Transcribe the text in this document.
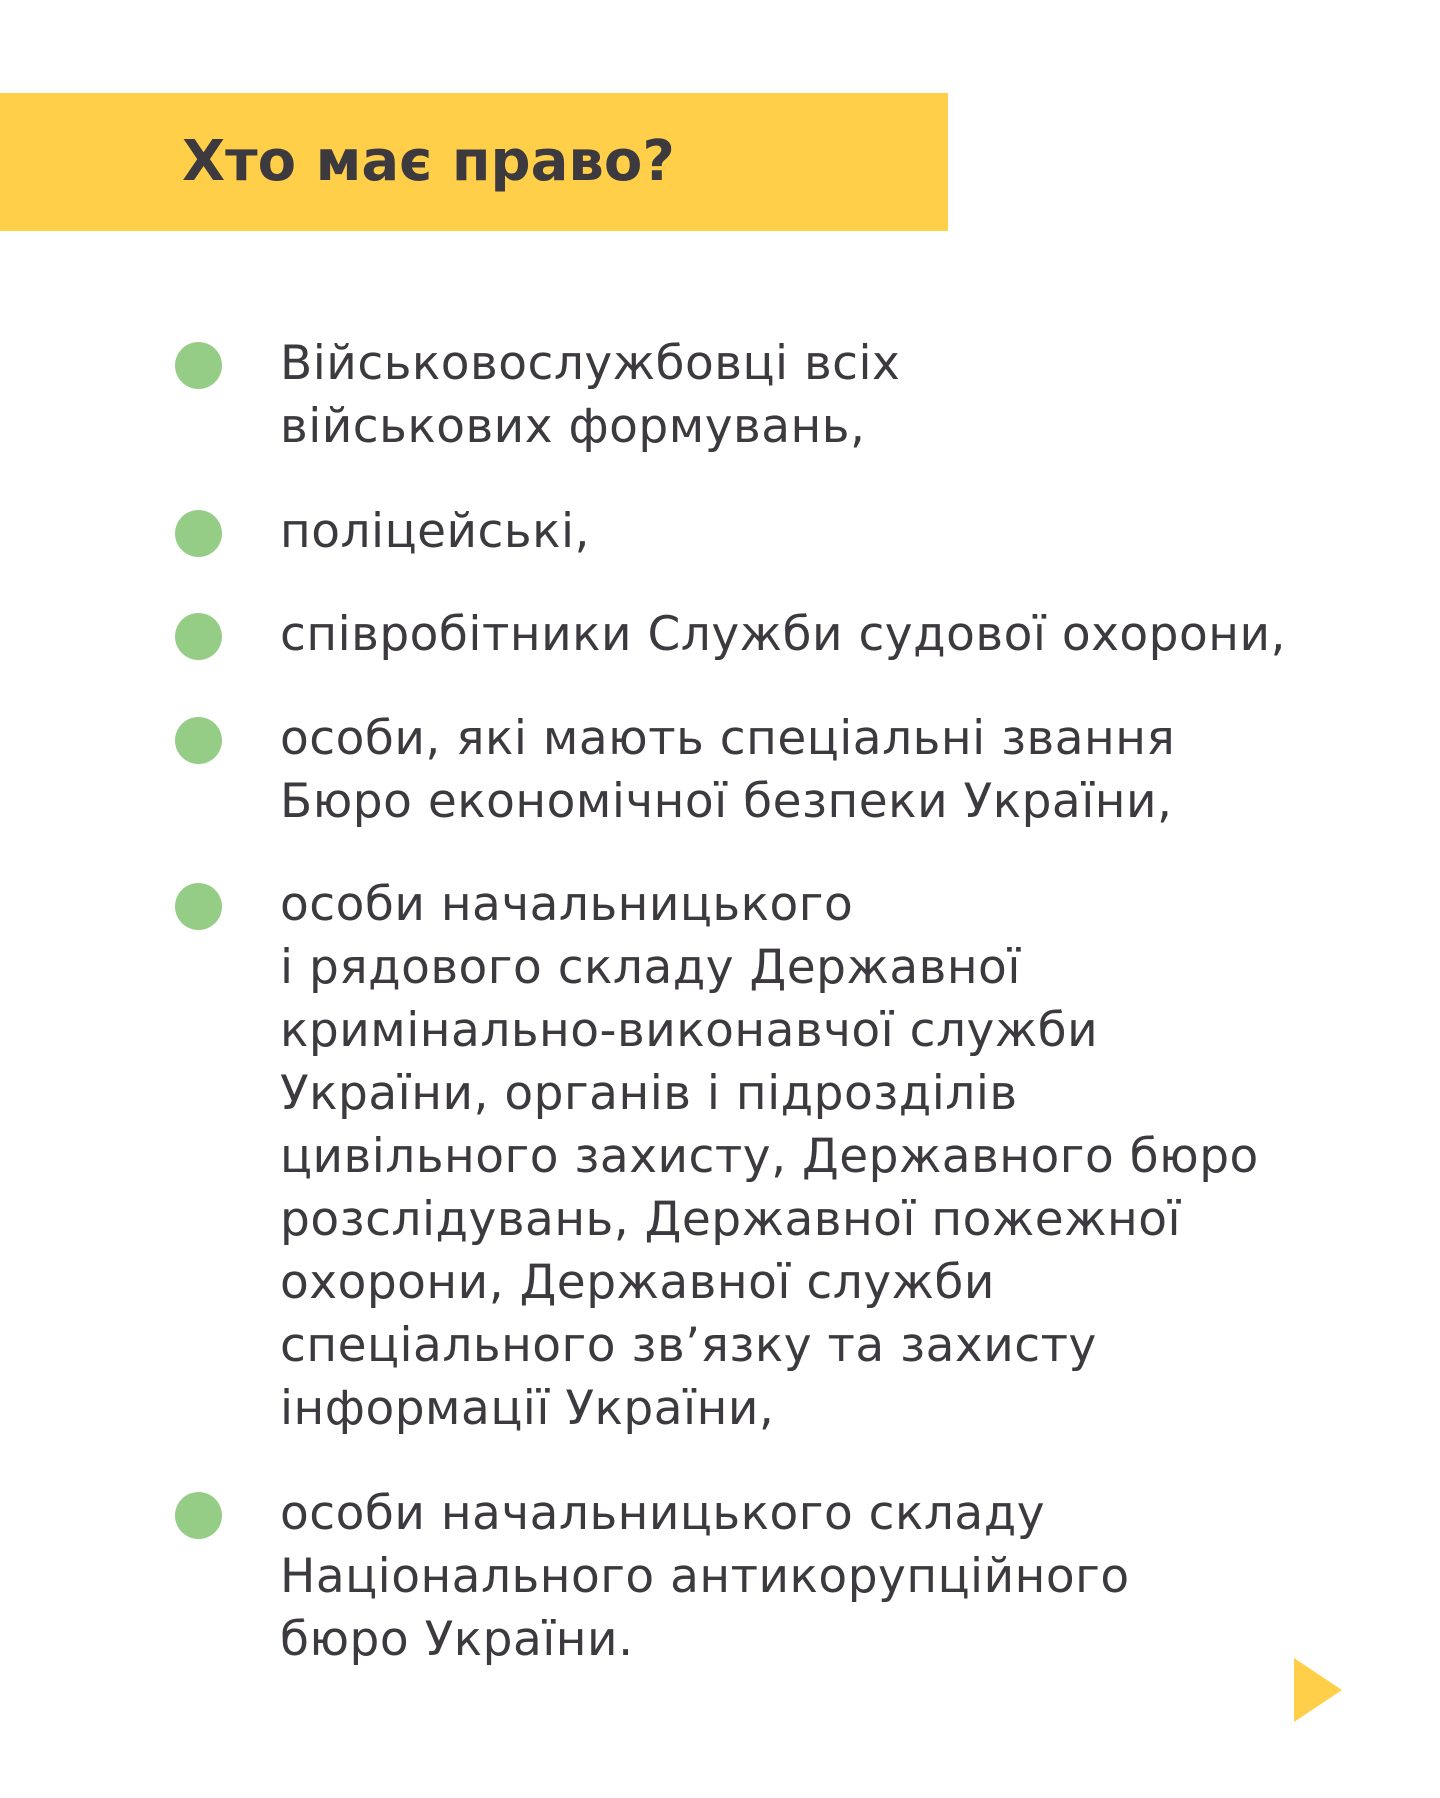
Хто має право?
Військовослужбовці всіх
військових формувань,
поліцейські,
співробітники Служби судової охорони,
особи, які мають спеціальні звання
Бюро економічної безпеки України,
особи начальницького
і рядового складу Державної
кримінально-виконавчої служби
України, органів і підрозділів
цивільного захисту, Державного бюро
розслідувань, Державної пожежної
охорони, Державної служби
спеціального зв’язку та захисту
інформації України,
особи начальницького складу
Національного антикорупційного
бюро України.
